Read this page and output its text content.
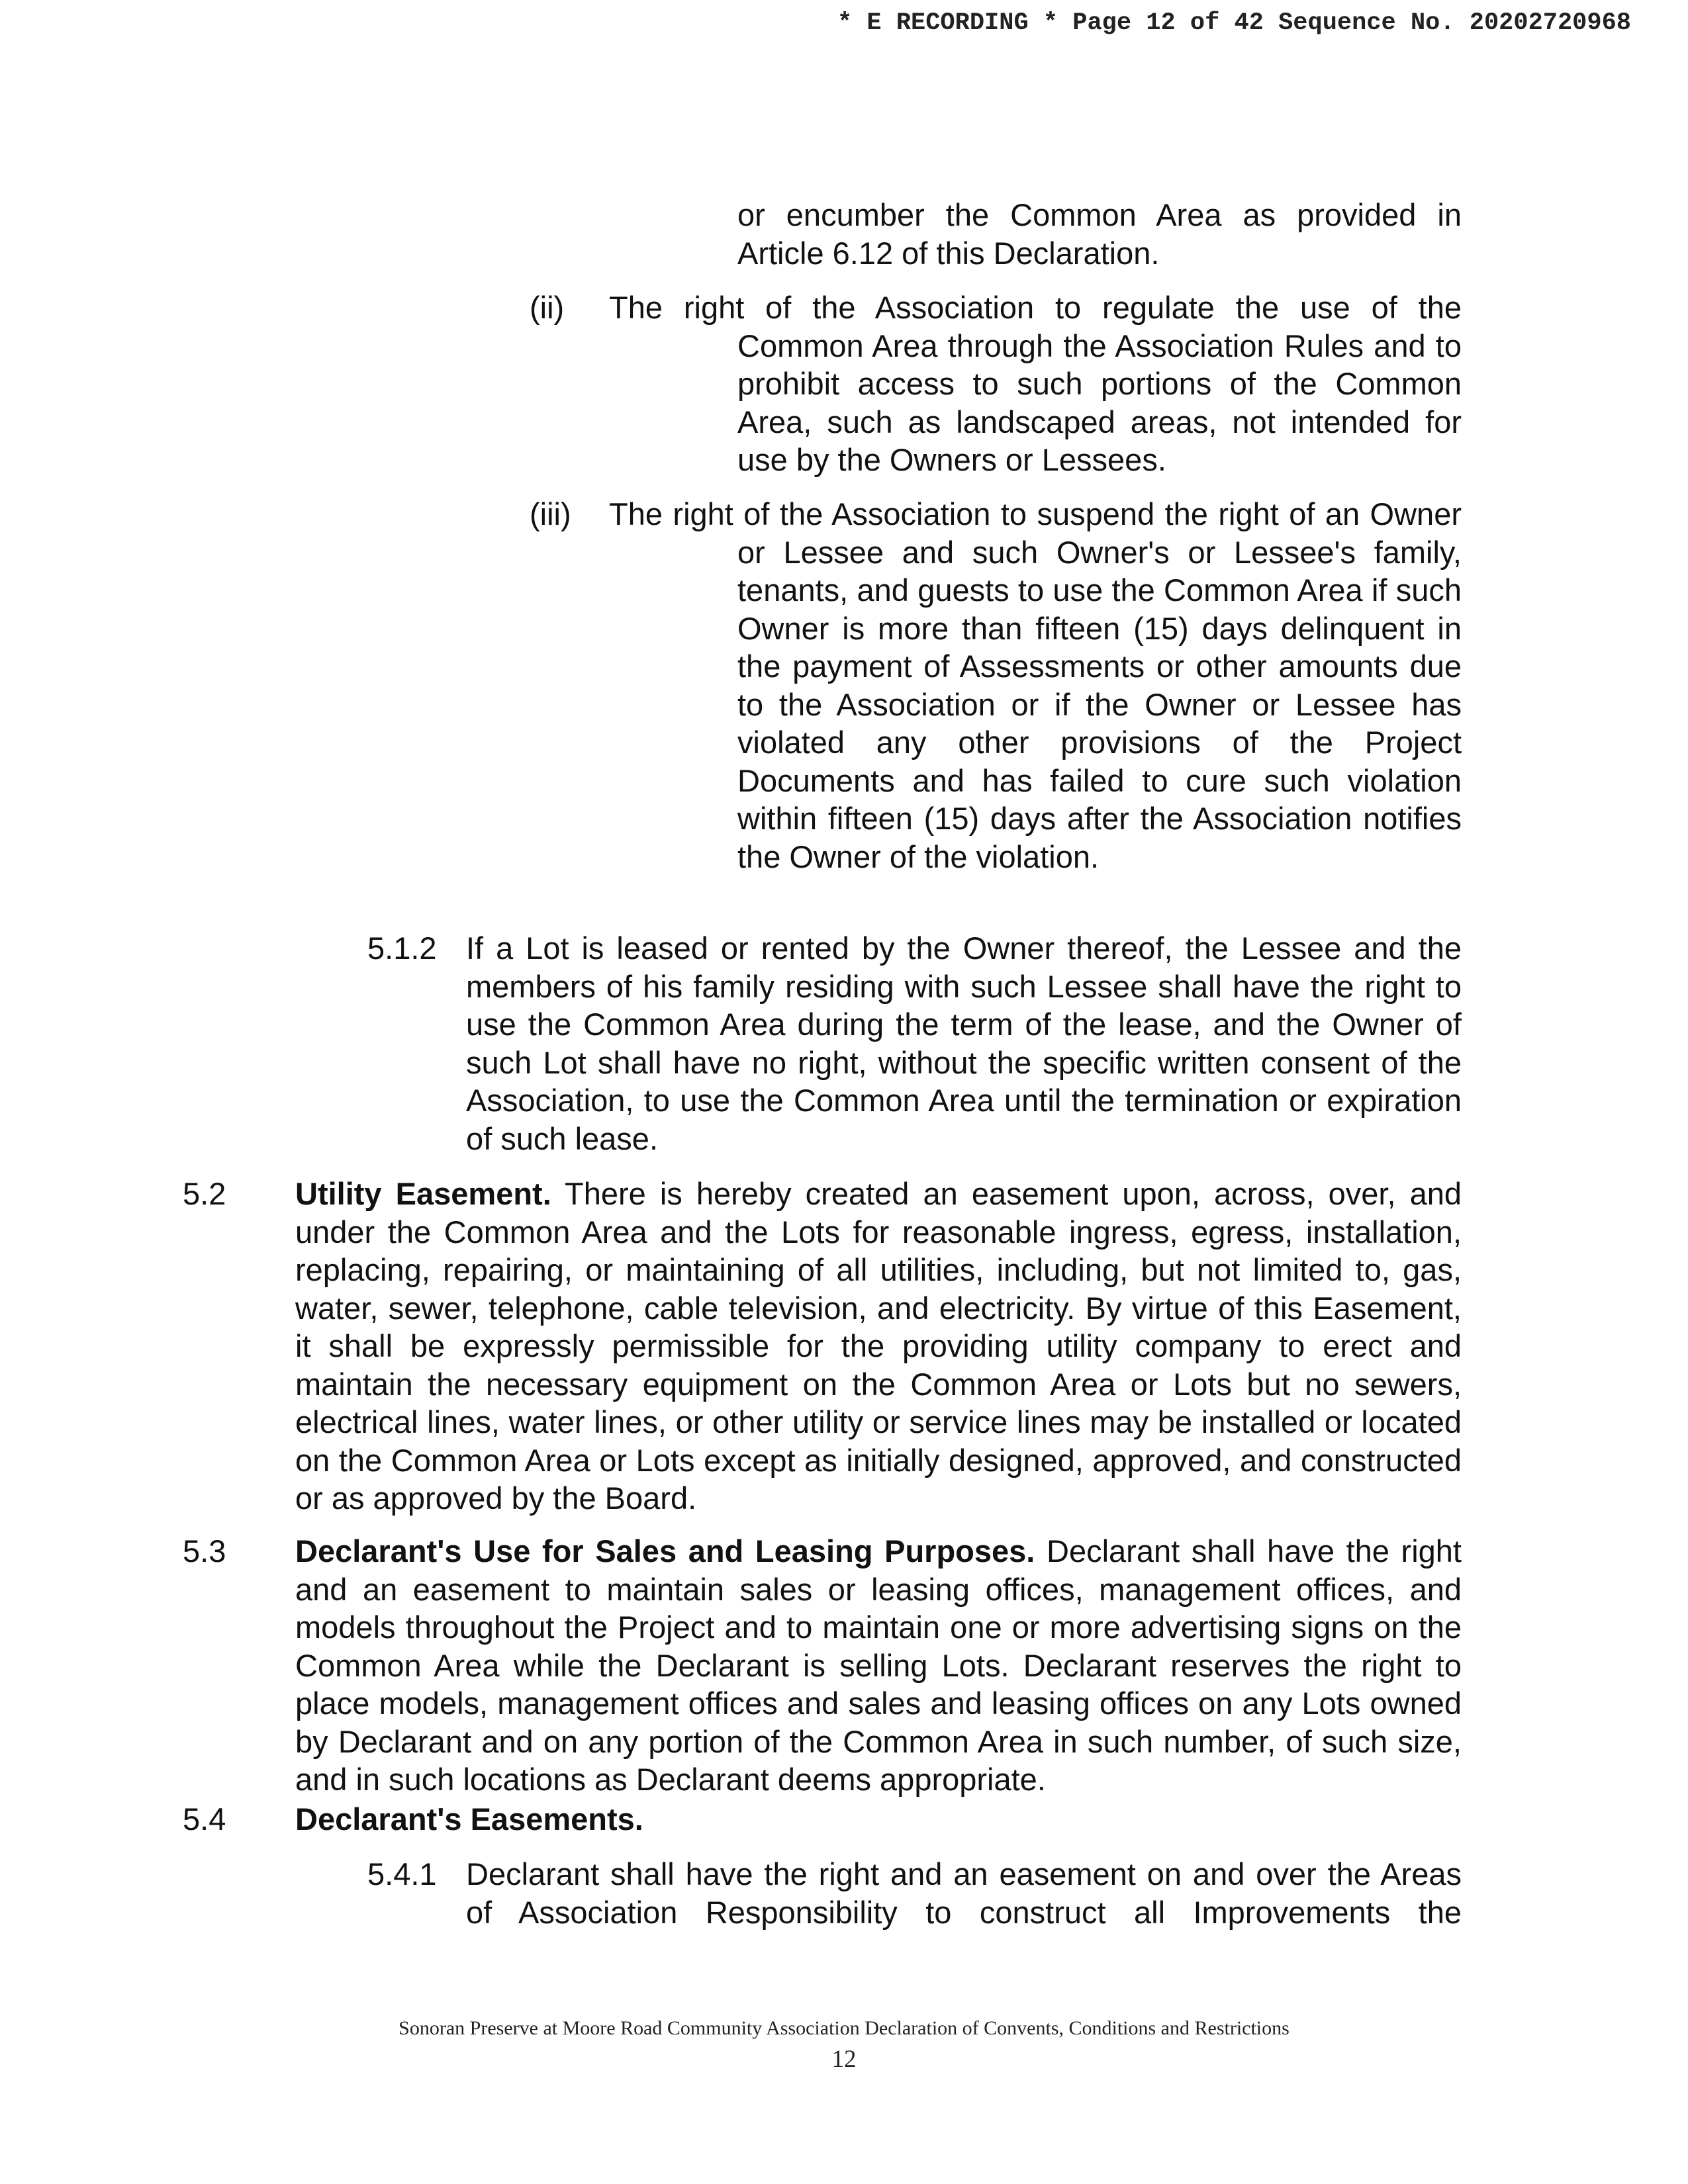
* E RECORDING * Page 12 of 42 Sequence No. 20202720968
or encumber the Common Area as provided in Article 6.12 of this Declaration.
(ii) The right of the Association to regulate the use of the Common Area through the Association Rules and to prohibit access to such portions of the Common Area, such as landscaped areas, not intended for use by the Owners or Lessees.
(iii) The right of the Association to suspend the right of an Owner or Lessee and such Owner's or Lessee's family, tenants, and guests to use the Common Area if such Owner is more than fifteen (15) days delinquent in the payment of Assessments or other amounts due to the Association or if the Owner or Lessee has violated any other provisions of the Project Documents and has failed to cure such violation within fifteen (15) days after the Association notifies the Owner of the violation.
5.1.2 If a Lot is leased or rented by the Owner thereof, the Lessee and the members of his family residing with such Lessee shall have the right to use the Common Area during the term of the lease, and the Owner of such Lot shall have no right, without the specific written consent of the Association, to use the Common Area until the termination or expiration of such lease.
5.2 Utility Easement. There is hereby created an easement upon, across, over, and under the Common Area and the Lots for reasonable ingress, egress, installation, replacing, repairing, or maintaining of all utilities, including, but not limited to, gas, water, sewer, telephone, cable television, and electricity. By virtue of this Easement, it shall be expressly permissible for the providing utility company to erect and maintain the necessary equipment on the Common Area or Lots but no sewers, electrical lines, water lines, or other utility or service lines may be installed or located on the Common Area or Lots except as initially designed, approved, and constructed or as approved by the Board.
5.3 Declarant's Use for Sales and Leasing Purposes. Declarant shall have the right and an easement to maintain sales or leasing offices, management offices, and models throughout the Project and to maintain one or more advertising signs on the Common Area while the Declarant is selling Lots. Declarant reserves the right to place models, management offices and sales and leasing offices on any Lots owned by Declarant and on any portion of the Common Area in such number, of such size, and in such locations as Declarant deems appropriate.
5.4 Declarant's Easements.
5.4.1 Declarant shall have the right and an easement on and over the Areas of Association Responsibility to construct all Improvements the
Sonoran Preserve at Moore Road Community Association Declaration of Convents, Conditions and Restrictions
12
